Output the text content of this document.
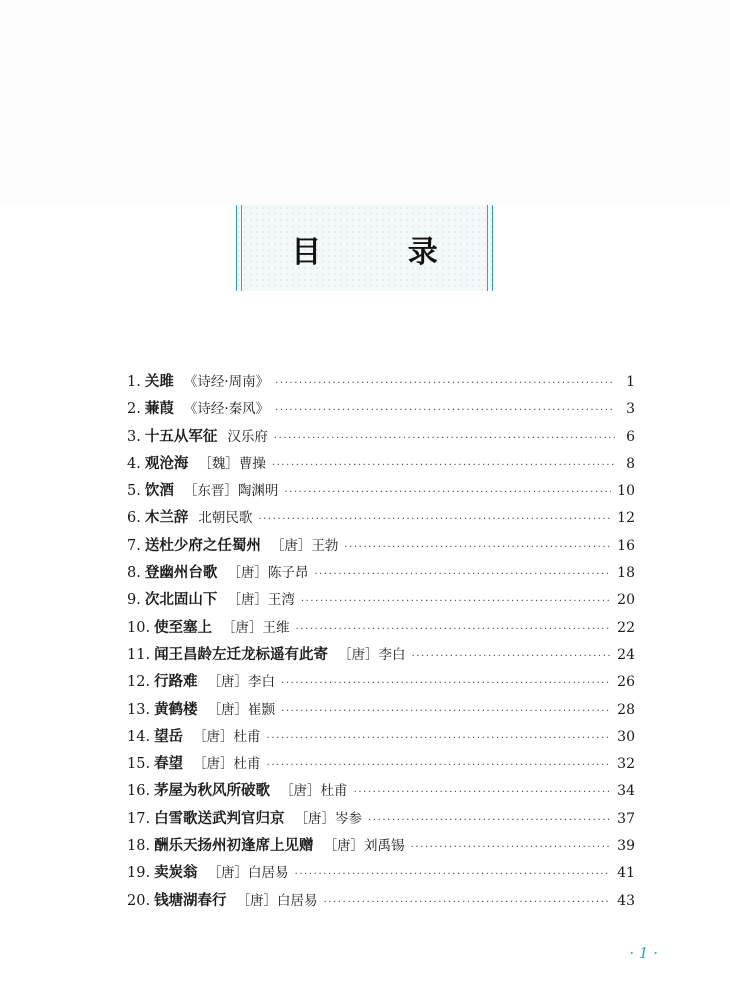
目 录
1. 关雎 《诗经·周南》 ·····	1
2. 蒹葭 《诗经·秦风》 ·····	3
3. 十五从军征 汉乐府 ·····	6
4. 观沧海 ［魏］曹操 ·····	8
5. 饮酒 ［东晋］陶渊明 ·····	10
6. 木兰辞 北朝民歌 ·····	12
7. 送杜少府之任蜀州 ［唐］王勃 ·····	16
8. 登幽州台歌 ［唐］陈子昂 ·····	18
9. 次北固山下 ［唐］王湾 ·····	20
10. 使至塞上 ［唐］王维 ·····	22
11. 闻王昌龄左迁龙标遥有此寄 ［唐］李白 ·····	24
12. 行路难 ［唐］李白 ·····	26
13. 黄鹤楼 ［唐］崔颢 ·····	28
14. 望岳 ［唐］杜甫 ·····	30
15. 春望 ［唐］杜甫 ·····	32
16. 茅屋为秋风所破歌 ［唐］杜甫 ·····	34
17. 白雪歌送武判官归京 ［唐］岑参 ·····	37
18. 酬乐天扬州初逢席上见赠 ［唐］刘禹锡 ·····	39
19. 卖炭翁 ［唐］白居易 ·····	41
20. 钱塘湖春行 ［唐］白居易 ·····	43
· 1 ·
